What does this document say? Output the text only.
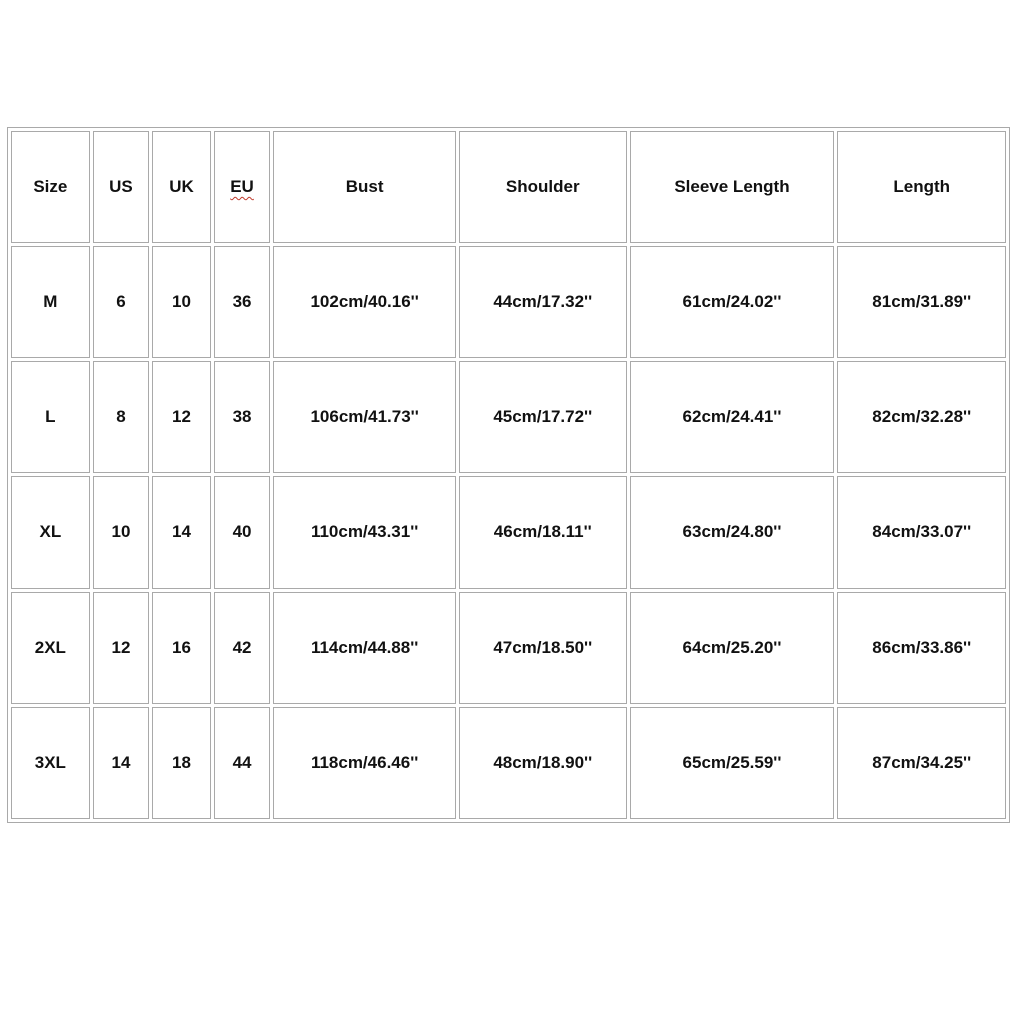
Size	US	UK	EU	Bust	Shoulder	Sleeve Length	Length
M	6	10	36	102cm/40.16''	44cm/17.32''	61cm/24.02''	81cm/31.89''
L	8	12	38	106cm/41.73''	45cm/17.72''	62cm/24.41''	82cm/32.28''
XL	10	14	40	110cm/43.31''	46cm/18.11''	63cm/24.80''	84cm/33.07''
2XL	12	16	42	114cm/44.88''	47cm/18.50''	64cm/25.20''	86cm/33.86''
3XL	14	18	44	118cm/46.46''	48cm/18.90''	65cm/25.59''	87cm/34.25''
